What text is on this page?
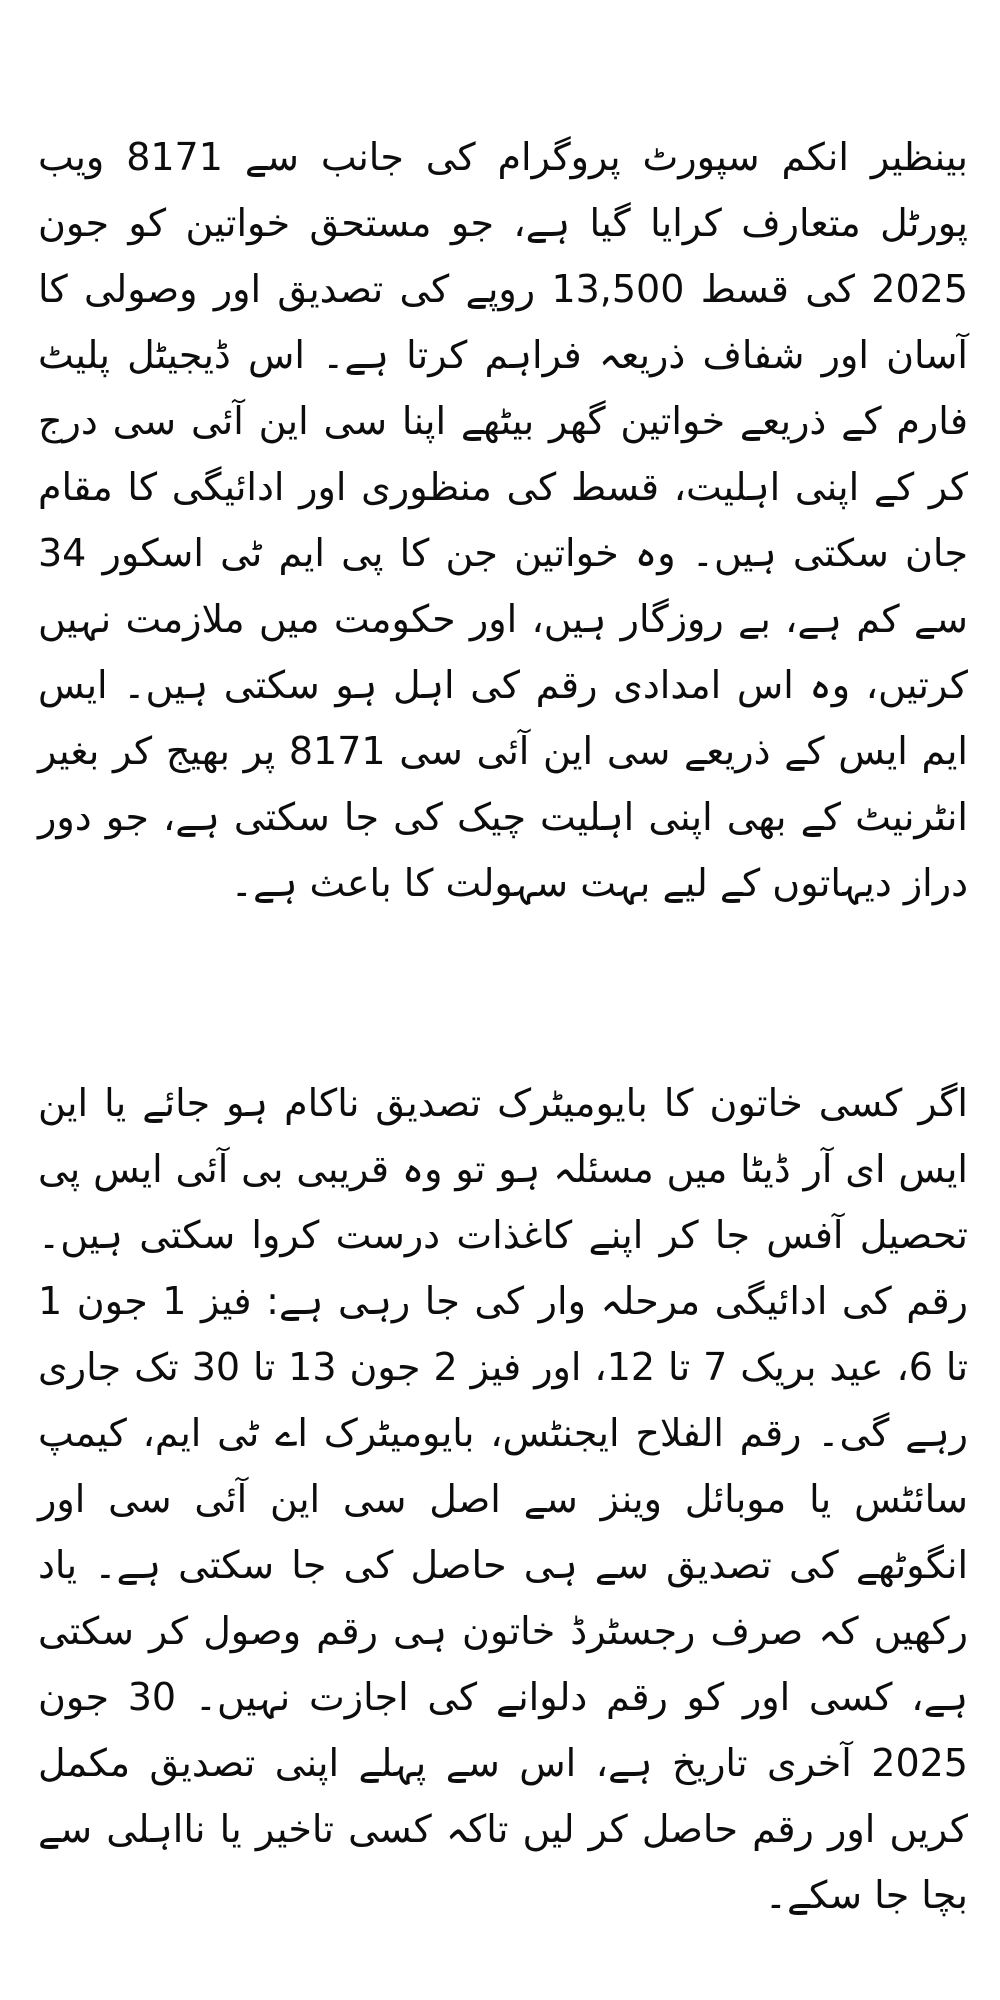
بینظیر انکم سپورٹ پروگرام کی جانب سے 8171 ویب پورٹل متعارف کرایا گیا ہے، جو مستحق خواتین کو جون 2025 کی قسط 13,500 روپے کی تصدیق اور وصولی کا آسان اور شفاف ذریعہ فراہم کرتا ہے۔ اس ڈیجیٹل پلیٹ فارم کے ذریعے خواتین گھر بیٹھے اپنا سی این آئی سی درج کر کے اپنی اہلیت، قسط کی منظوری اور ادائیگی کا مقام جان سکتی ہیں۔ وہ خواتین جن کا پی ایم ٹی اسکور 34 سے کم ہے، بے روزگار ہیں، اور حکومت میں ملازمت نہیں کرتیں، وہ اس امدادی رقم کی اہل ہو سکتی ہیں۔ ایس ایم ایس کے ذریعے سی این آئی سی 8171 پر بھیج کر بغیر انٹرنیٹ کے بھی اپنی اہلیت چیک کی جا سکتی ہے، جو دور دراز دیہاتوں کے لیے بہت سہولت کا باعث ہے۔

اگر کسی خاتون کا بایومیٹرک تصدیق ناکام ہو جائے یا این ایس ای آر ڈیٹا میں مسئلہ ہو تو وہ قریبی بی آئی ایس پی تحصیل آفس جا کر اپنے کاغذات درست کروا سکتی ہیں۔ رقم کی ادائیگی مرحلہ وار کی جا رہی ہے: فیز 1 جون 1 تا 6، عید بریک 7 تا 12، اور فیز 2 جون 13 تا 30 تک جاری رہے گی۔ رقم الفلاح ایجنٹس، بایومیٹرک اے ٹی ایم، کیمپ سائٹس یا موبائل وینز سے اصل سی این آئی سی اور انگوٹھے کی تصدیق سے ہی حاصل کی جا سکتی ہے۔ یاد رکھیں کہ صرف رجسٹرڈ خاتون ہی رقم وصول کر سکتی ہے، کسی اور کو رقم دلوانے کی اجازت نہیں۔ 30 جون 2025 آخری تاریخ ہے، اس سے پہلے اپنی تصدیق مکمل کریں اور رقم حاصل کر لیں تاکہ کسی تاخیر یا نااہلی سے بچا جا سکے۔
